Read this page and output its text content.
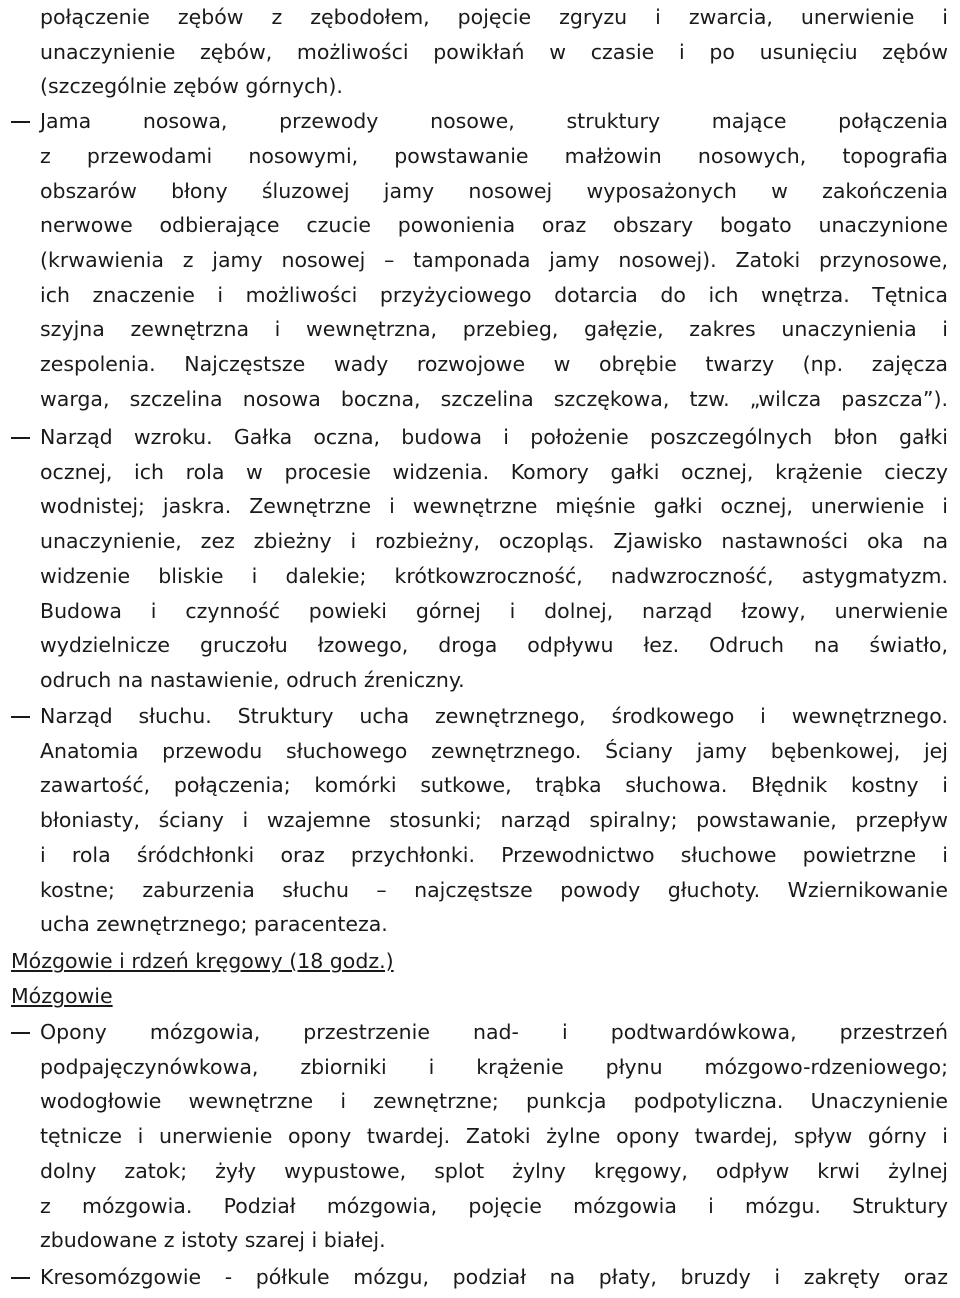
połączenie zębów z zębodołem, pojęcie zgryzu i zwarcia, unerwienie i
unaczynienie zębów, możliwości powikłań w czasie i po usunięciu zębów
(szczególnie zębów górnych).
Jama nosowa, przewody nosowe, struktury mające połączenia
z przewodami nosowymi, powstawanie małżowin nosowych, topografia
obszarów błony śluzowej jamy nosowej wyposażonych w zakończenia
nerwowe odbierające czucie powonienia oraz obszary bogato unaczynione
(krwawienia z jamy nosowej – tamponada jamy nosowej). Zatoki przynosowe,
ich znaczenie i możliwości przyżyciowego dotarcia do ich wnętrza. Tętnica
szyjna zewnętrzna i wewnętrzna, przebieg, gałęzie, zakres unaczynienia i
zespolenia. Najczęstsze wady rozwojowe w obrębie twarzy (np. zajęcza
warga, szczelina nosowa boczna, szczelina szczękowa, tzw. „wilcza paszcza”).
Narząd wzroku. Gałka oczna, budowa i położenie poszczególnych błon gałki
ocznej, ich rola w procesie widzenia. Komory gałki ocznej, krążenie cieczy
wodnistej; jaskra. Zewnętrzne i wewnętrzne mięśnie gałki ocznej, unerwienie i
unaczynienie, zez zbieżny i rozbieżny, oczopląs. Zjawisko nastawności oka na
widzenie bliskie i dalekie; krótkowzroczność, nadwzroczność, astygmatyzm.
Budowa i czynność powieki górnej i dolnej, narząd łzowy, unerwienie
wydzielnicze gruczołu łzowego, droga odpływu łez. Odruch na światło,
odruch na nastawienie, odruch źreniczny.
Narząd słuchu. Struktury ucha zewnętrznego, środkowego i wewnętrznego.
Anatomia przewodu słuchowego zewnętrznego. Ściany jamy bębenkowej, jej
zawartość, połączenia; komórki sutkowe, trąbka słuchowa. Błędnik kostny i
błoniasty, ściany i wzajemne stosunki; narząd spiralny; powstawanie, przepływ
i rola śródchłonki oraz przychłonki. Przewodnictwo słuchowe powietrzne i
kostne; zaburzenia słuchu – najczęstsze powody głuchoty. Wziernikowanie
ucha zewnętrznego; paracenteza.
Mózgowie i rdzeń kręgowy (18 godz.)
Mózgowie
Opony mózgowia, przestrzenie nad- i podtwardówkowa, przestrzeń
podpajęczynówkowa, zbiorniki i krążenie płynu mózgowo-rdzeniowego;
wodogłowie wewnętrzne i zewnętrzne; punkcja podpotyliczna. Unaczynienie
tętnicze i unerwienie opony twardej. Zatoki żylne opony twardej, spływ górny i
dolny zatok; żyły wypustowe, splot żylny kręgowy, odpływ krwi żylnej
z mózgowia. Podział mózgowia, pojęcie mózgowia i mózgu. Struktury
zbudowane z istoty szarej i białej.
Kresomózgowie - półkule mózgu, podział na płaty, bruzdy i zakręty oraz
